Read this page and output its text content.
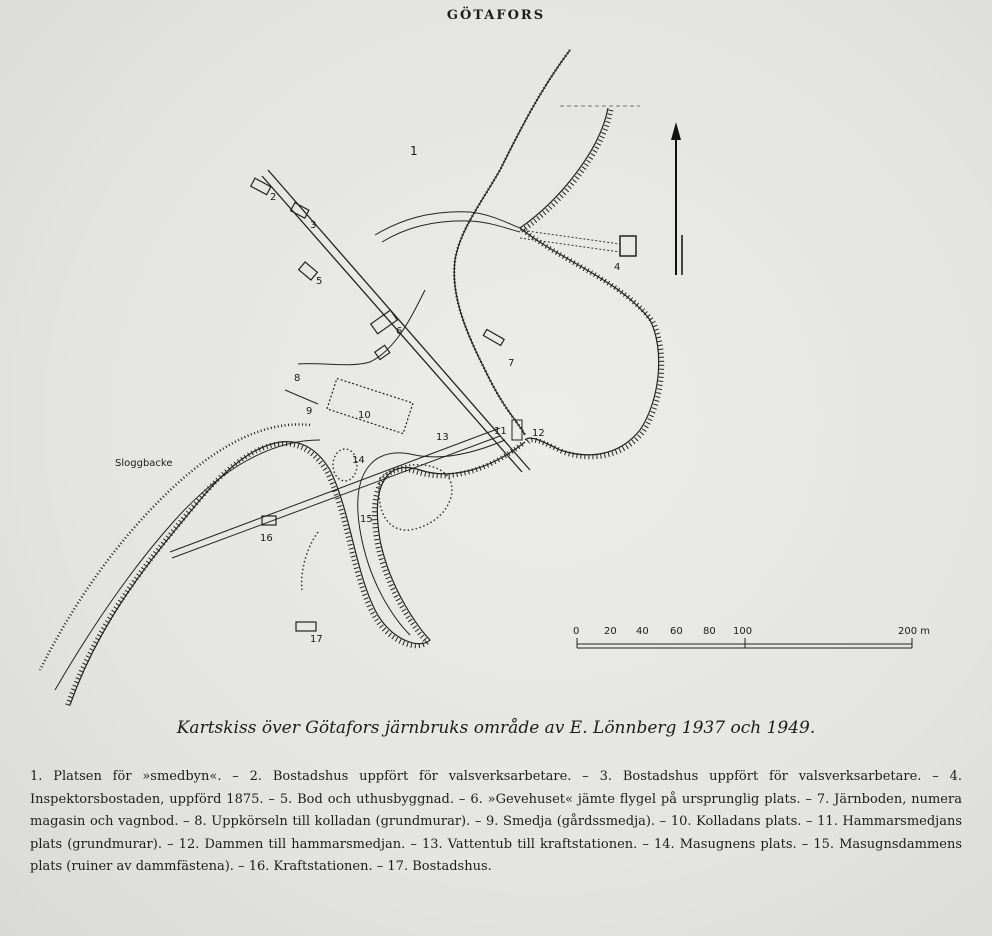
GÖTAFORS
1
2
3
4
5
6
7
8
9	10
11	12
13
14
15
16
17
Sloggbacke
0 20 40 60 80 100	200 m
Kartskiss över Götafors järnbruks område av E. Lönnberg 1937 och 1949.
1. Platsen för »smedbyn«. – 2. Bostadshus uppfört för valsverksarbetare. – 3. Bostadshus uppfört för valsverksarbetare. – 4. Inspektorsbostaden, uppförd 1875. – 5. Bod och uthusbyggnad. – 6. »Gevehuset« jämte flygel på ursprunglig plats. – 7. Järnboden, numera magasin och vagnbod. – 8. Uppkörseln till kolladan (grundmurar). – 9. Smedja (gårdssmedja). – 10. Kolladans plats. – 11. Hammarsmedjans plats (grundmurar). – 12. Dammen till hammarsmedjan. – 13. Vattentub till kraftstationen. – 14. Masugnens plats. – 15. Masugnsdammens plats (ruiner av dammfästena). – 16. Kraftstationen. – 17. Bostadshus.
